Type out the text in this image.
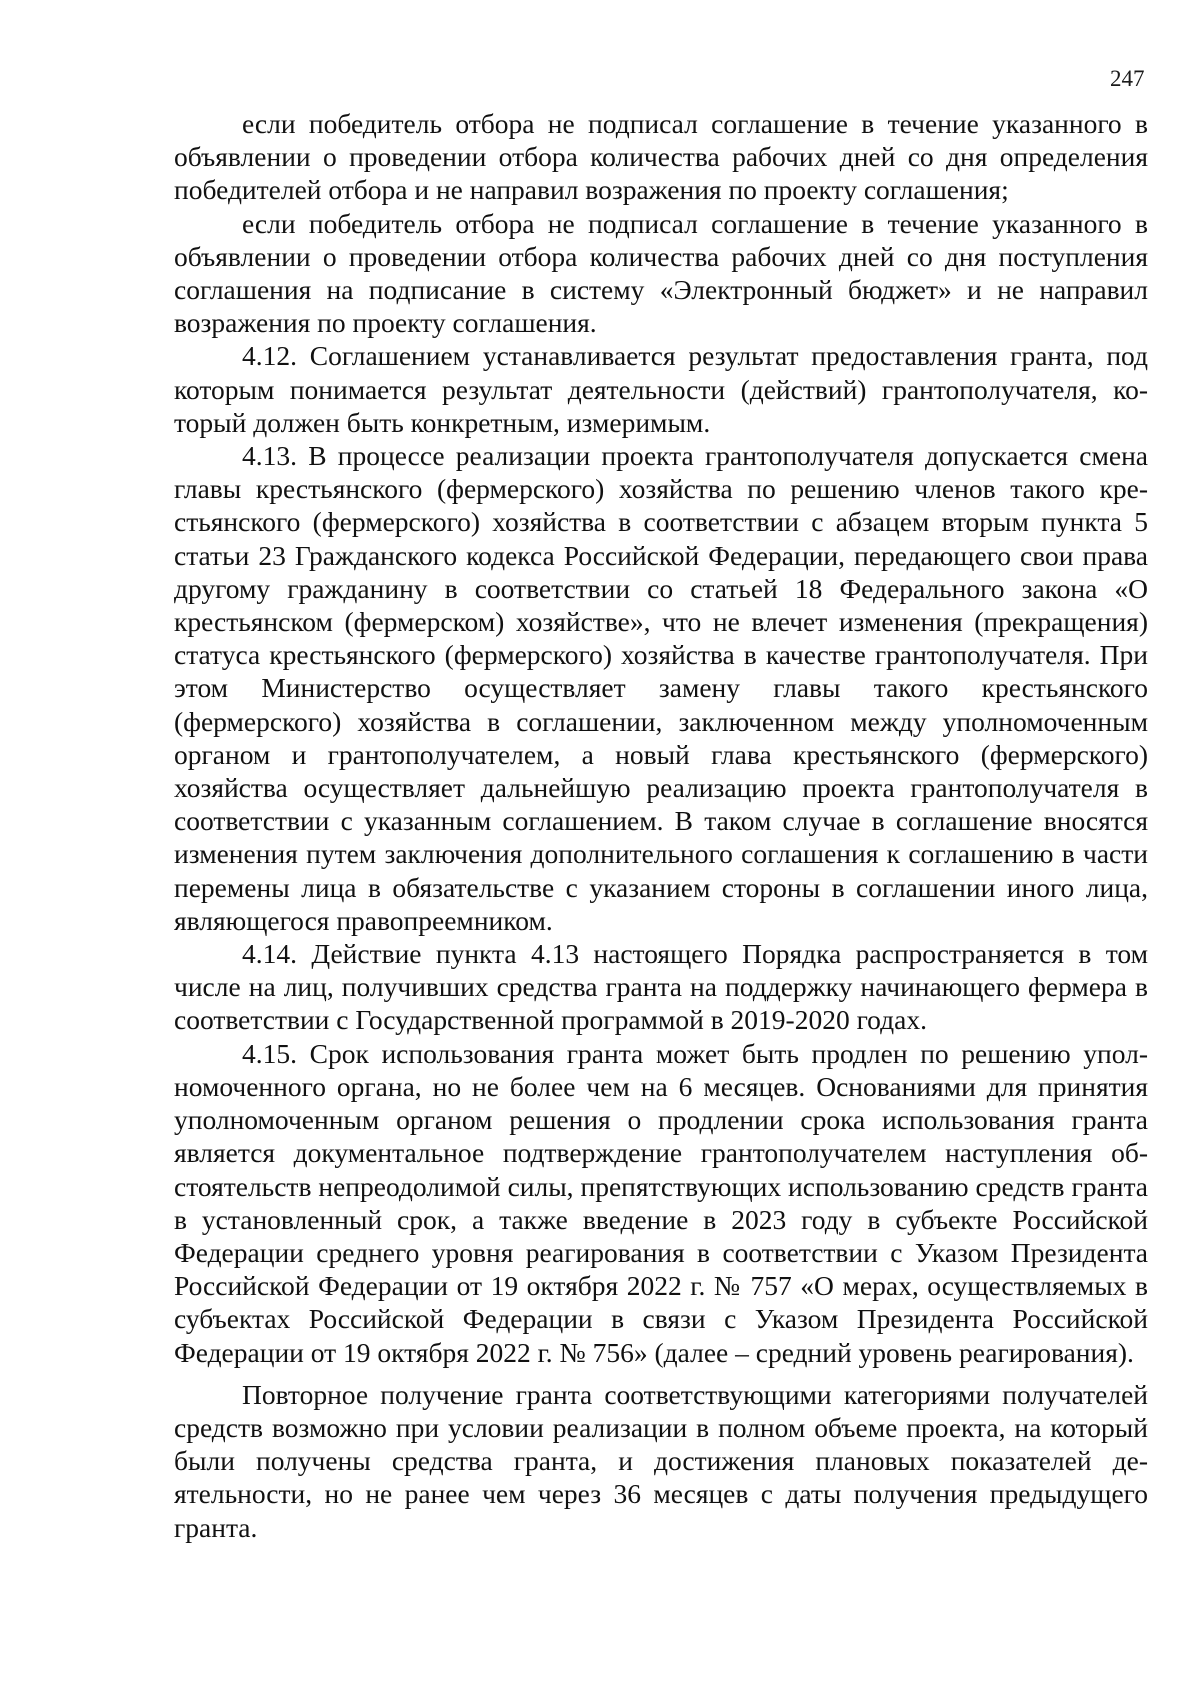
247

если победитель отбора не подписал соглашение в течение указанного в объявлении о проведении отбора количества рабочих дней со дня определения победителей отбора и не направил возражения по проекту соглашения;

если победитель отбора не подписал соглашение в течение указанного в объявлении о проведении отбора количества рабочих дней со дня поступления соглашения на подписание в систему «Электронный бюджет» и не направил возражения по проекту соглашения.

4.12. Соглашением устанавливается результат предоставления гранта, под которым понимается результат деятельности (действий) грантополучателя, который должен быть конкретным, измеримым.

4.13. В процессе реализации проекта грантополучателя допускается смена главы крестьянского (фермерского) хозяйства по решению членов такого крестьянского (фермерского) хозяйства в соответствии с абзацем вторым пункта 5 статьи 23 Гражданского кодекса Российской Федерации, передающего свои права другому гражданину в соответствии со статьей 18 Федерального закона «О крестьянском (фермерском) хозяйстве», что не влечет изменения (прекращения) статуса крестьянского (фермерского) хозяйства в качестве грантополучателя. При этом Министерство осуществляет замену главы такого крестьянского (фермерского) хозяйства в соглашении, заключенном между уполномоченным органом и грантополучателем, а новый глава крестьянского (фермерского) хозяйства осуществляет дальнейшую реализацию проекта грантополучателя в соответствии с указанным соглашением. В таком случае в соглашение вносятся изменения путем заключения дополнительного соглашения к соглашению в части перемены лица в обязательстве с указанием стороны в соглашении иного лица, являющегося правопреемником.

4.14. Действие пункта 4.13 настоящего Порядка распространяется в том числе на лиц, получивших средства гранта на поддержку начинающего фермера в соответствии с Государственной программой в 2019-2020 годах.

4.15. Срок использования гранта может быть продлен по решению уполномоченного органа, но не более чем на 6 месяцев. Основаниями для принятия уполномоченным органом решения о продлении срока использования гранта является документальное подтверждение грантополучателем наступления обстоятельств непреодолимой силы, препятствующих использованию средств гранта в установленный срок, а также введение в 2023 году в субъекте Российской Федерации среднего уровня реагирования в соответствии с Указом Президента Российской Федерации от 19 октября 2022 г. № 757 «О мерах, осуществляемых в субъектах Российской Федерации в связи с Указом Президента Российской Федерации от 19 октября 2022 г. № 756» (далее – средний уровень реагирования).

Повторное получение гранта соответствующими категориями получателей средств возможно при условии реализации в полном объеме проекта, на который были получены средства гранта, и достижения плановых показателей деятельности, но не ранее чем через 36 месяцев с даты получения предыдущего гранта.
